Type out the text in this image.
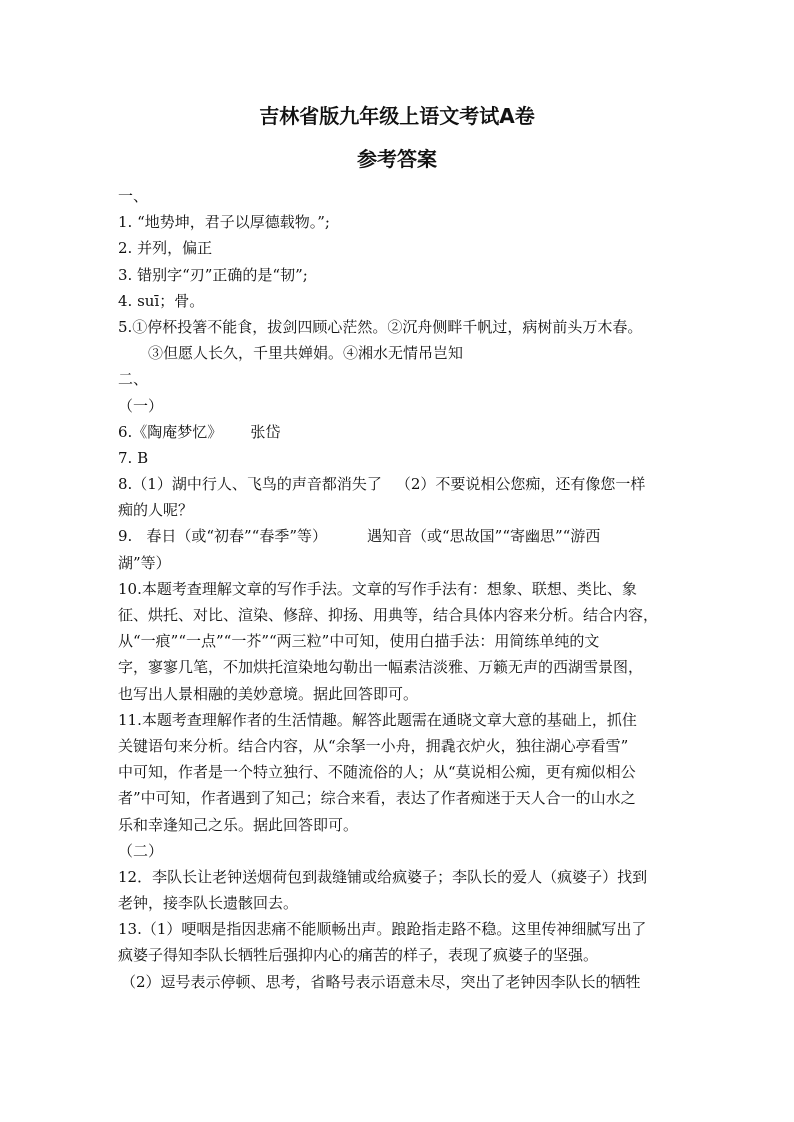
吉林省版九年级上语文考试A卷
参考答案
一、
1. “地势坤，君子以厚德载物。”;
2. 并列，偏正
3. 错别字“刃”正确的是“韧”;
4. suī；骨。
5.①停杯投箸不能食，拔剑四顾心茫然。②沉舟侧畔千帆过，病树前头万木春。
③但愿人长久，千里共婵娟。④湘水无情吊岂知
二、
（一）
6.《陶庵梦忆》 张岱
7. B
8.（1）湖中行人、飞鸟的声音都消失了 （2）不要说相公您痴，还有像您一样
痴的人呢？
9. 春日（或“初春”“春季”等）	遇知音（或“思故国”“寄幽思”“游西
湖”等）
10.本题考查理解文章的写作手法。文章的写作手法有：想象、联想、类比、象
征、烘托、对比、渲染、修辞、抑扬、用典等，结合具体内容来分析。结合内容，
从“一痕”“一点”“一芥”“两三粒”中可知，使用白描手法：用简练单纯的文
字，寥寥几笔，不加烘托渲染地勾勒出一幅素洁淡雅、万籁无声的西湖雪景图，
也写出人景相融的美妙意境。据此回答即可。
11.本题考查理解作者的生活情趣。解答此题需在通晓文章大意的基础上，抓住
关键语句来分析。结合内容，从“余拏一小舟，拥毳衣炉火，独往湖心亭看雪”
中可知，作者是一个特立独行、不随流俗的人；从“莫说相公痴，更有痴似相公
者”中可知，作者遇到了知己；综合来看，表达了作者痴迷于天人合一的山水之
乐和幸逢知己之乐。据此回答即可。
（二）
12．李队长让老钟送烟荷包到裁缝铺或给疯婆子；李队长的爱人（疯婆子）找到
老钟，接李队长遗骸回去。
13.（1）哽咽是指因悲痛不能顺畅出声。踉跄指走路不稳。这里传神细腻写出了
疯婆子得知李队长牺牲后强抑内心的痛苦的样子，表现了疯婆子的坚强。
（2）逗号表示停顿、思考，省略号表示语意未尽，突出了老钟因李队长的牺牲
